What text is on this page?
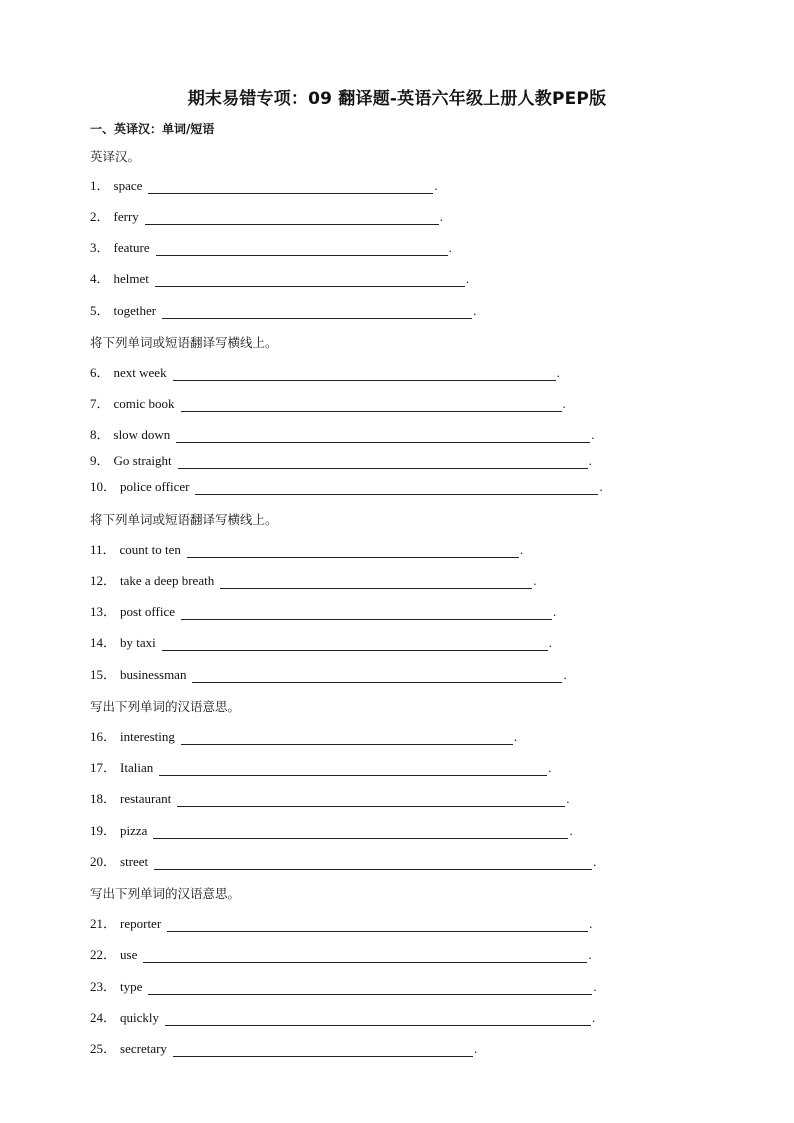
期末易错专项：09 翻译题-英语六年级上册人教PEP版
一、英译汉：单词/短语
英译汉。
1． space	.
2． ferry	.
3． feature	.
4． helmet	.
5． together	.
将下列单词或短语翻译写横线上。
6． next week	.
7． comic book	.
8． slow down	.
9． Go straight	.
10． police officer	.
将下列单词或短语翻译写横线上。
11． count to ten	.
12． take a deep breath	.
13． post office	.
14． by taxi	.
15． businessman	.
写出下列单词的汉语意思。
16． interesting	.
17． Italian	.
18． restaurant	.
19． pizza	.
20． street	.
写出下列单词的汉语意思。
21． reporter	.
22． use	.
23． type	.
24． quickly	.
25． secretary	.
